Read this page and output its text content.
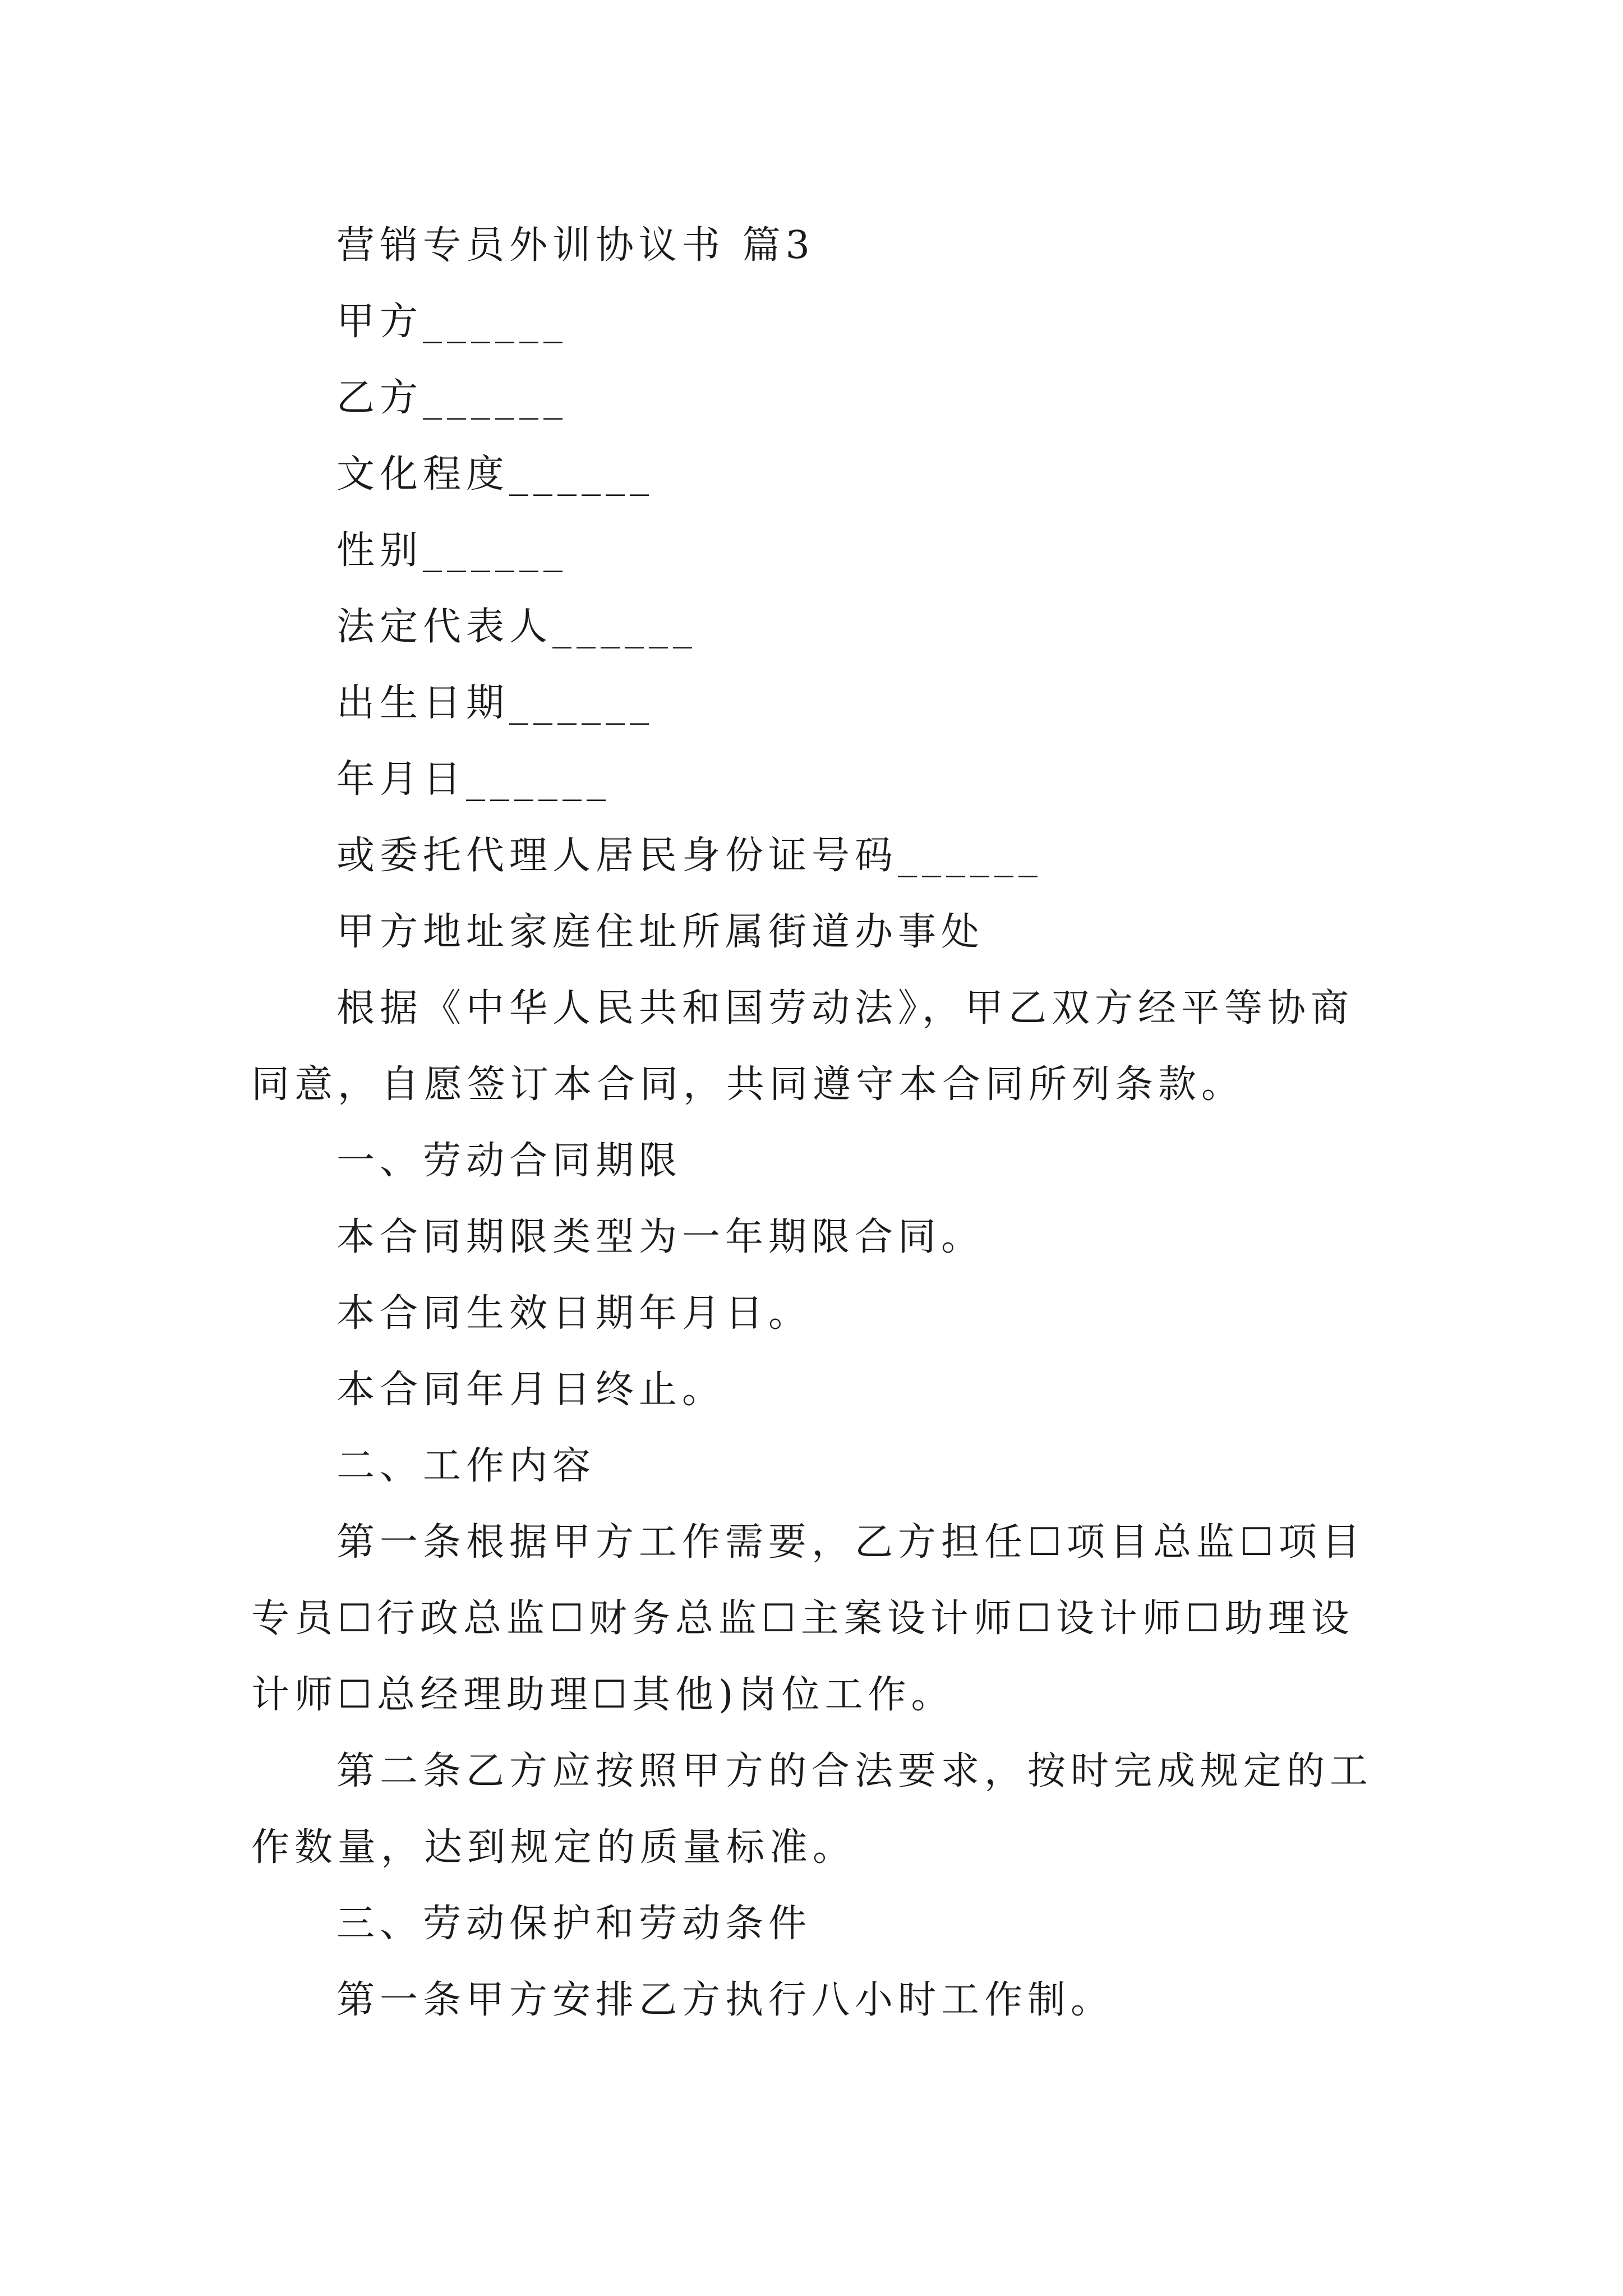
营销专员外训协议书 篇3

甲方______

乙方______

文化程度______

性别______

法定代表人______

出生日期______

年月日______

或委托代理人居民身份证号码______

甲方地址家庭住址所属街道办事处

根据《中华人民共和国劳动法》，甲乙双方经平等协商同意，自愿签订本合同，共同遵守本合同所列条款。

一、劳动合同期限

本合同期限类型为一年期限合同。

本合同生效日期年月日。

本合同年月日终止。

二、工作内容

第一条根据甲方工作需要，乙方担任☐项目总监☐项目专员☐行政总监☐财务总监☐主案设计师☐设计师☐助理设计师☐总经理助理☐其他)岗位工作。

第二条乙方应按照甲方的合法要求，按时完成规定的工作数量，达到规定的质量标准。

三、劳动保护和劳动条件

第一条甲方安排乙方执行八小时工作制。
